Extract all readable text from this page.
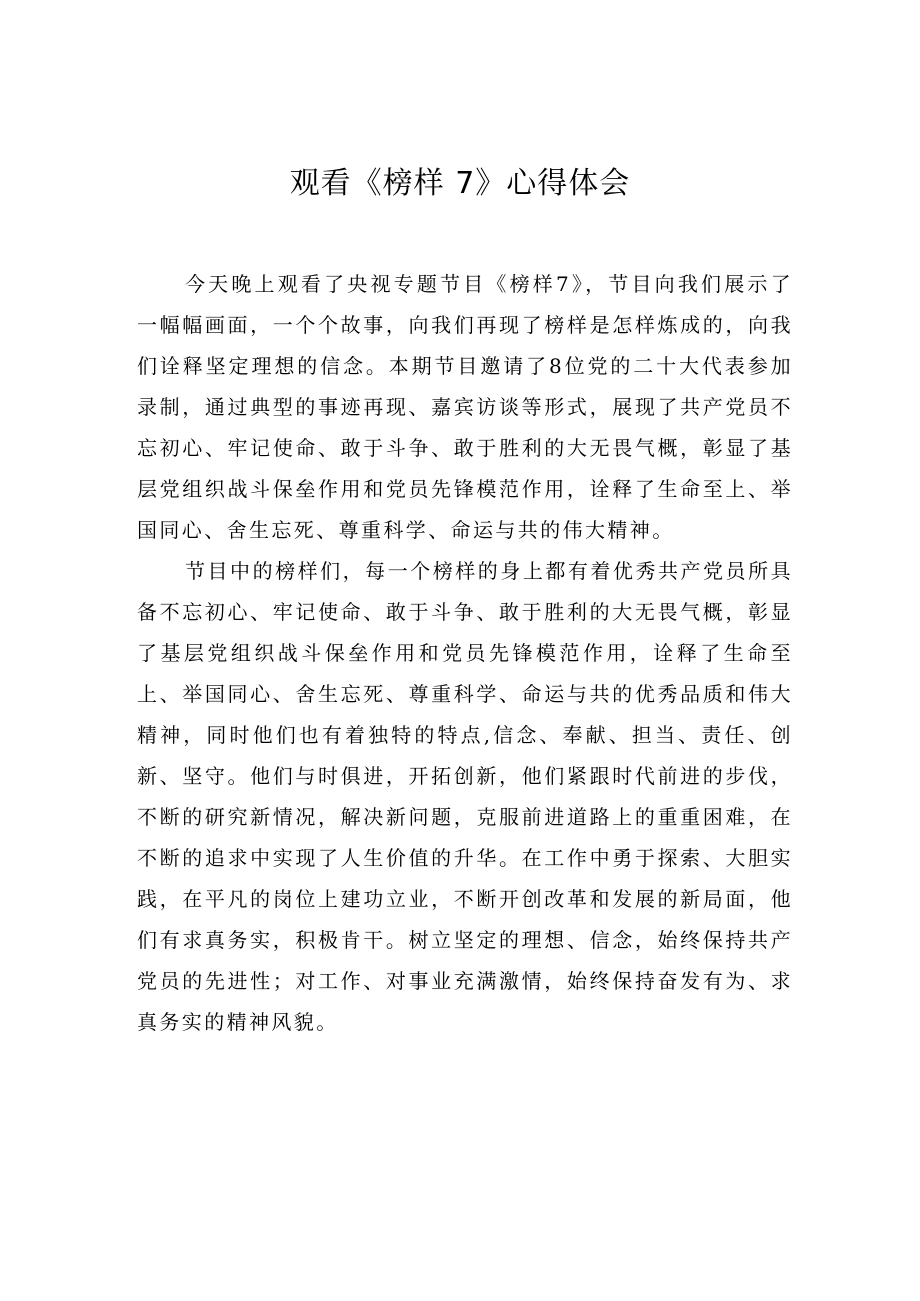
观看《榜样 7》心得体会

今天晚上观看了央视专题节目《榜样7》，节目向我们展示了一幅幅画面，一个个故事，向我们再现了榜样是怎样炼成的，向我们诠释坚定理想的信念。本期节目邀请了8位党的二十大代表参加录制，通过典型的事迹再现、嘉宾访谈等形式，展现了共产党员不忘初心、牢记使命、敢于斗争、敢于胜利的大无畏气概，彰显了基层党组织战斗保垒作用和党员先锋模范作用，诠释了生命至上、举国同心、舍生忘死、尊重科学、命运与共的伟大精神。

节目中的榜样们，每一个榜样的身上都有着优秀共产党员所具备不忘初心、牢记使命、敢于斗争、敢于胜利的大无畏气概，彰显了基层党组织战斗保垒作用和党员先锋模范作用，诠释了生命至上、举国同心、舍生忘死、尊重科学、命运与共的优秀品质和伟大精神，同时他们也有着独特的特点,信念、奉献、担当、责任、创新、坚守。他们与时俱进，开拓创新，他们紧跟时代前进的步伐，不断的研究新情况，解决新问题，克服前进道路上的重重困难，在不断的追求中实现了人生价值的升华。在工作中勇于探索、大胆实践，在平凡的岗位上建功立业，不断开创改革和发展的新局面，他们有求真务实，积极肯干。树立坚定的理想、信念，始终保持共产党员的先进性；对工作、对事业充满激情，始终保持奋发有为、求真务实的精神风貌。
